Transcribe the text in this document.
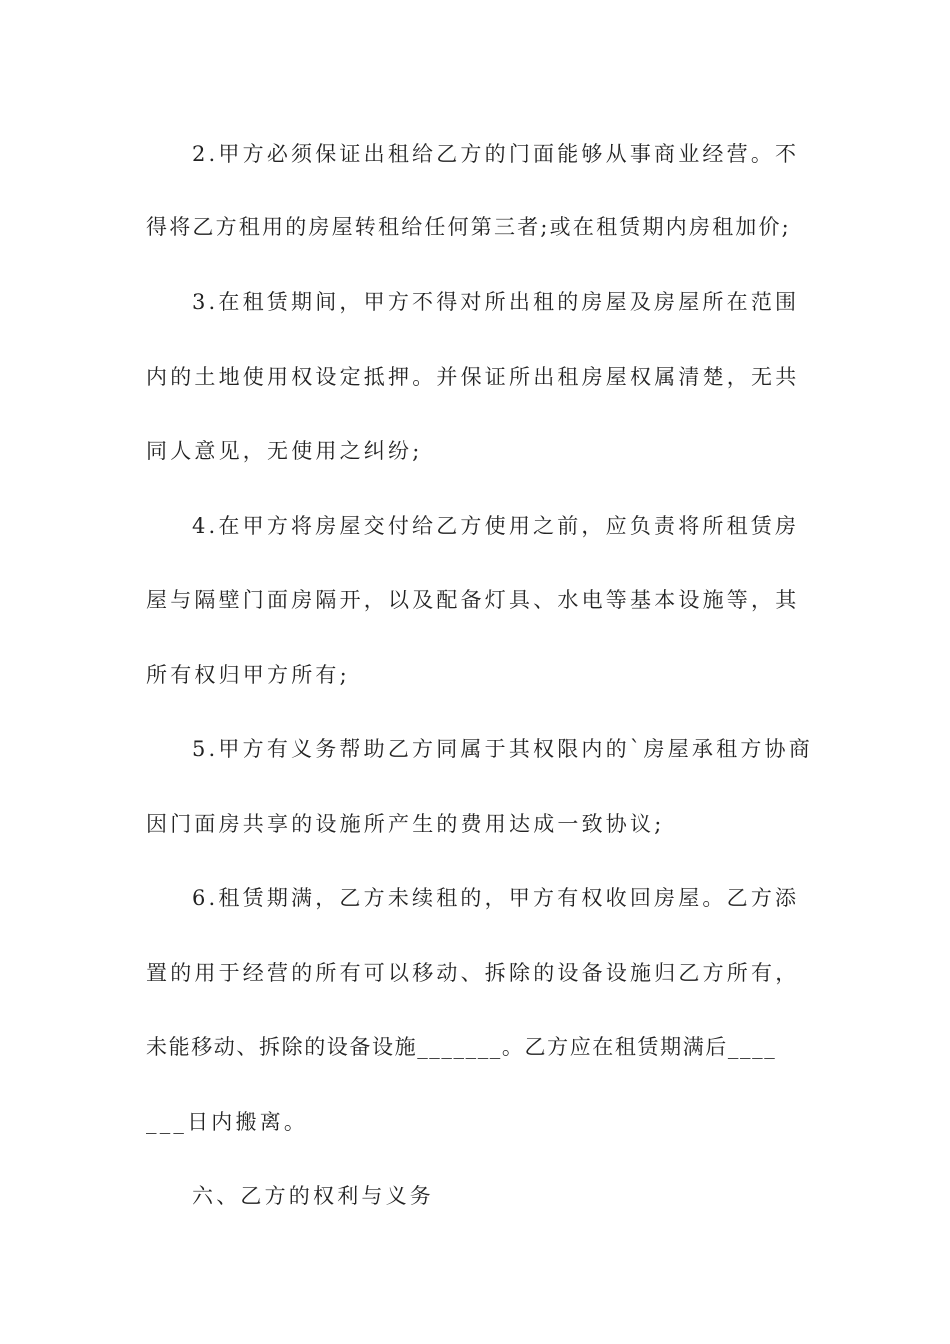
2.甲方必须保证出租给乙方的门面能够从事商业经营。不
得将乙方租用的房屋转租给任何第三者;或在租赁期内房租加价;
3.在租赁期间，甲方不得对所出租的房屋及房屋所在范围
内的土地使用权设定抵押。并保证所出租房屋权属清楚，无共
同人意见，无使用之纠纷;
4.在甲方将房屋交付给乙方使用之前，应负责将所租赁房
屋与隔壁门面房隔开，以及配备灯具、水电等基本设施等，其
所有权归甲方所有;
5.甲方有义务帮助乙方同属于其权限内的`房屋承租方协商
因门面房共享的设施所产生的费用达成一致协议;
6.租赁期满，乙方未续租的，甲方有权收回房屋。乙方添
置的用于经营的所有可以移动、拆除的设备设施归乙方所有，
未能移动、拆除的设备设施_______。乙方应在租赁期满后____
___日内搬离。
六、乙方的权利与义务
